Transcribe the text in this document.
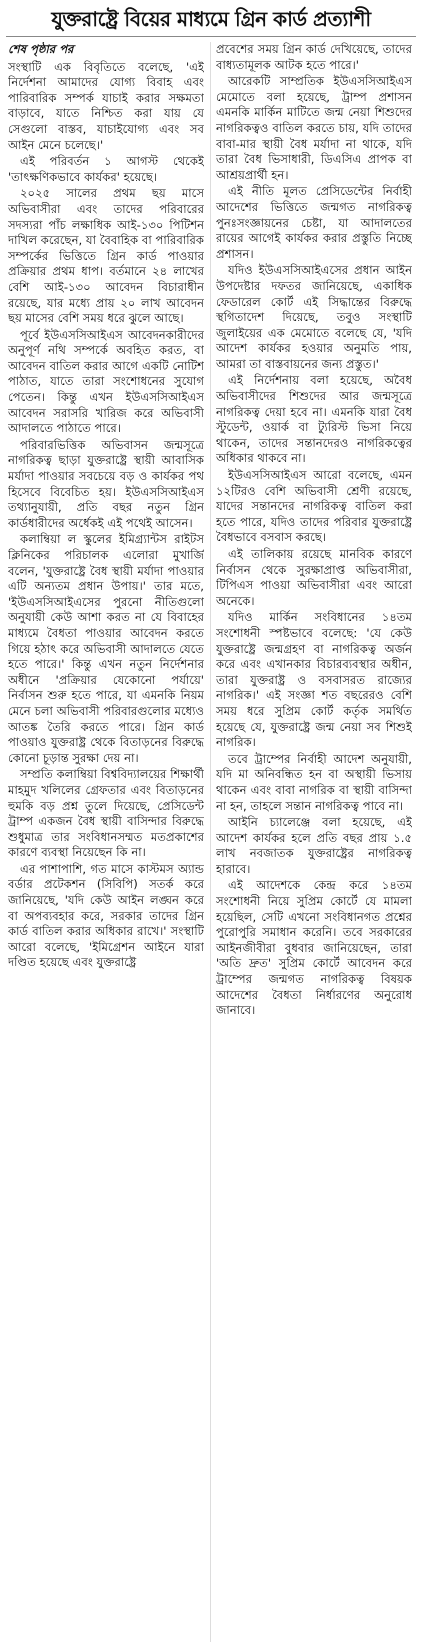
যুক্তরাষ্ট্রে বিয়ের মাধ্যমে গ্রিন কার্ড প্রত্যাশী
শেষ পৃষ্ঠার পর

সংস্থাটি এক বিবৃতিতে বলেছে, 'এই নির্দেশনা আমাদের যোগ্য বিবাহ এবং পারিবারিক সম্পর্ক যাচাই করার সক্ষমতা বাড়াবে, যাতে নিশ্চিত করা যায় যে সেগুলো বাস্তব, যাচাইযোগ্য এবং সব আইন মেনে চলেছে।'

এই পরিবর্তন ১ আগস্ট থেকেই 'তাৎক্ষণিকভাবে কার্যকর' হয়েছে।

২০২৫ সালের প্রথম ছয় মাসে অভিবাসীরা এবং তাদের পরিবারের সদস্যরা পাঁচ লক্ষাধিক আই-১৩০ পিটিশন দাখিল করেছেন, যা বৈবাহিক বা পারিবারিক সম্পর্কের ভিত্তিতে গ্রিন কার্ড পাওয়ার প্রক্রিয়ার প্রথম ধাপ। বর্তমানে ২৪ লাখের বেশি আই-১৩০ আবেদন বিচারাধীন রয়েছে, যার মধ্যে প্রায় ২০ লাখ আবেদন ছয় মাসের বেশি সময় ধরে ঝুলে আছে।

পূর্বে ইউএসসিআইএস আবেদনকারীদের অনুপূর্ণ নথি সম্পর্কে অবহিত করত, বা আবেদন বাতিল করার আগে একটি নোটিশ পাঠাত, যাতে তারা সংশোধনের সুযোগ পেতেন। কিন্তু এখন ইউএসসিআইএস আবেদন সরাসরি খারিজ করে অভিবাসী আদালতে পাঠাতে পারে।

পরিবারভিত্তিক অভিবাসন জন্মসূত্রে নাগরিকত্ব ছাড়া যুক্তরাষ্ট্রে স্থায়ী আবাসিক মর্যাদা পাওয়ার সবচেয়ে বড় ও কার্যকর পথ হিসেবে বিবেচিত হয়। ইউএসসিআইএস তথ্যানুযায়ী, প্রতি বছর নতুন গ্রিন কার্ডধারীদের অর্ধেকই এই পথেই আসেন।

কলাম্বিয়া ল স্কুলের ইমিগ্র্যান্টস রাইটস ক্লিনিকের পরিচালক এলোরা মুখার্জি বলেন, 'যুক্তরাষ্ট্রে বৈধ স্থায়ী মর্যাদা পাওয়ার এটি অন্যতম প্রধান উপায়।' তার মতে, 'ইউএসসিআইএসের পুরনো নীতিগুলো অনুযায়ী কেউ আশা করত না যে বিবাহের মাধ্যমে বৈধতা পাওয়ার আবেদন করতে গিয়ে হঠাৎ করে অভিবাসী আদালতে যেতে হতে পারে।' কিন্তু এখন নতুন নির্দেশনার অধীনে 'প্রক্রিয়ার যেকোনো পর্যায়ে' নির্বাসন শুরু হতে পারে, যা এমনকি নিয়ম মেনে চলা অভিবাসী পরিবারগুলোর মধ্যেও আতঙ্ক তৈরি করতে পারে। গ্রিন কার্ড পাওয়াও যুক্তরাষ্ট্র থেকে বিতাড়নের বিরুদ্ধে কোনো চূড়ান্ত সুরক্ষা দেয় না।

সম্প্রতি কলাম্বিয়া বিশ্ববিদ্যালয়ের শিক্ষার্থী মাহমুদ খলিলের গ্রেফতার এবং বিতাড়নের হুমকি বড় প্রশ্ন তুলে দিয়েছে, প্রেসিডেন্ট ট্রাম্প একজন বৈধ স্থায়ী বাসিন্দার বিরুদ্ধে শুধুমাত্র তার সংবিধানসম্মত মতপ্রকাশের কারণে ব্যবস্থা নিয়েছেন কি না।

এর পাশাপাশি, গত মাসে কাস্টমস অ্যান্ড বর্ডার প্রটেকশন (সিবিপি) সতর্ক করে জানিয়েছে, 'যদি কেউ আইন লঙ্ঘন করে বা অপব্যবহার করে, সরকার তাদের গ্রিন কার্ড বাতিল করার অধিকার রাখে।' সংস্থাটি আরো বলেছে, 'ইমিগ্রেশন আইনে যারা দণ্ডিত হয়েছে এবং যুক্তরাষ্ট্রে

প্রবেশের সময় গ্রিন কার্ড দেখিয়েছে, তাদের বাধ্যতামূলক আটক হতে পারে।'

আরেকটি সাম্প্রতিক ইউএসসিআইএস মেমোতে বলা হয়েছে, ট্রাম্প প্রশাসন এমনকি মার্কিন মাটিতে জন্ম নেয়া শিশুদের নাগরিকত্বও বাতিল করতে চায়, যদি তাদের বাবা-মার স্থায়ী বৈধ মর্যাদা না থাকে, যদি তারা বৈধ ভিসাধারী, ডিএসিএ প্রাপক বা আশ্রয়প্রার্থী হন।

এই নীতি মূলত প্রেসিডেন্টের নির্বাহী আদেশের ভিত্তিতে জন্মগত নাগরিকত্ব পুনঃসংজ্ঞায়নের চেষ্টা, যা আদালতের রায়ের আগেই কার্যকর করার প্রস্তুতি নিচ্ছে প্রশাসন।

যদিও ইউএসসিআইএসের প্রধান আইন উপদেষ্টার দফতর জানিয়েছে, একাধিক ফেডারেল কোর্ট এই সিদ্ধান্তের বিরুদ্ধে স্থগিতাদেশ দিয়েছে, তবুও সংস্থাটি জুলাইয়ের এক মেমোতে বলেছে যে, 'যদি আদেশ কার্যকর হওয়ার অনুমতি পায়, আমরা তা বাস্তবায়নের জন্য প্রস্তুত।'

এই নির্দেশনায় বলা হয়েছে, অবৈধ অভিবাসীদের শিশুদের আর জন্মসূত্রে নাগরিকত্ব দেয়া হবে না। এমনকি যারা বৈধ স্টুডেন্ট, ওয়ার্ক বা ট্যুরিস্ট ভিসা নিয়ে থাকেন, তাদের সন্তানদেরও নাগরিকত্বের অধিকার থাকবে না।

ইউএসসিআইএস আরো বলেছে, এমন ১২টিরও বেশি অভিবাসী শ্রেণী রয়েছে, যাদের সন্তানদের নাগরিকত্ব বাতিল করা হতে পারে, যদিও তাদের পরিবার যুক্তরাষ্ট্রে বৈধভাবে বসবাস করছে।

এই তালিকায় রয়েছে মানবিক কারণে নির্বাসন থেকে সুরক্ষাপ্রাপ্ত অভিবাসীরা, টিপিএস পাওয়া অভিবাসীরা এবং আরো অনেকে।

যদিও মার্কিন সংবিধানের ১৪তম সংশোধনী স্পষ্টভাবে বলেছে: 'যে কেউ যুক্তরাষ্ট্রে জন্মগ্রহণ বা নাগরিকত্ব অর্জন করে এবং এখানকার বিচারব্যবস্থার অধীন, তারা যুক্তরাষ্ট্র ও বসবাসরত রাজ্যের নাগরিক।' এই সংজ্ঞা শত বছরেরও বেশি সময় ধরে সুপ্রিম কোর্ট কর্তৃক সমর্থিত হয়েছে যে, যুক্তরাষ্ট্রে জন্ম নেয়া সব শিশুই নাগরিক।

তবে ট্রাম্পের নির্বাহী আদেশ অনুযায়ী, যদি মা অনিবন্ধিত হন বা অস্থায়ী ভিসায় থাকেন এবং বাবা নাগরিক বা স্থায়ী বাসিন্দা না হন, তাহলে সন্তান নাগরিকত্ব পাবে না।

আইনি চ্যালেঞ্জে বলা হয়েছে, এই আদেশ কার্যকর হলে প্রতি বছর প্রায় ১.৫ লাখ নবজাতক যুক্তরাষ্ট্রের নাগরিকত্ব হারাবে।

এই আদেশকে কেন্দ্র করে ১৪তম সংশোধনী নিয়ে সুপ্রিম কোর্টে যে মামলা হয়েছিল, সেটি এখনো সংবিধানগত প্রশ্নের পুরোপুরি সমাধান করেনি। তবে সরকারের আইনজীবীরা বুধবার জানিয়েছেন, তারা 'অতি দ্রুত' সুপ্রিম কোর্টে আবেদন করে ট্রাম্পের জন্মগত নাগরিকত্ব বিষয়ক আদেশের বৈধতা নির্ধারণের অনুরোধ জানাবে।
